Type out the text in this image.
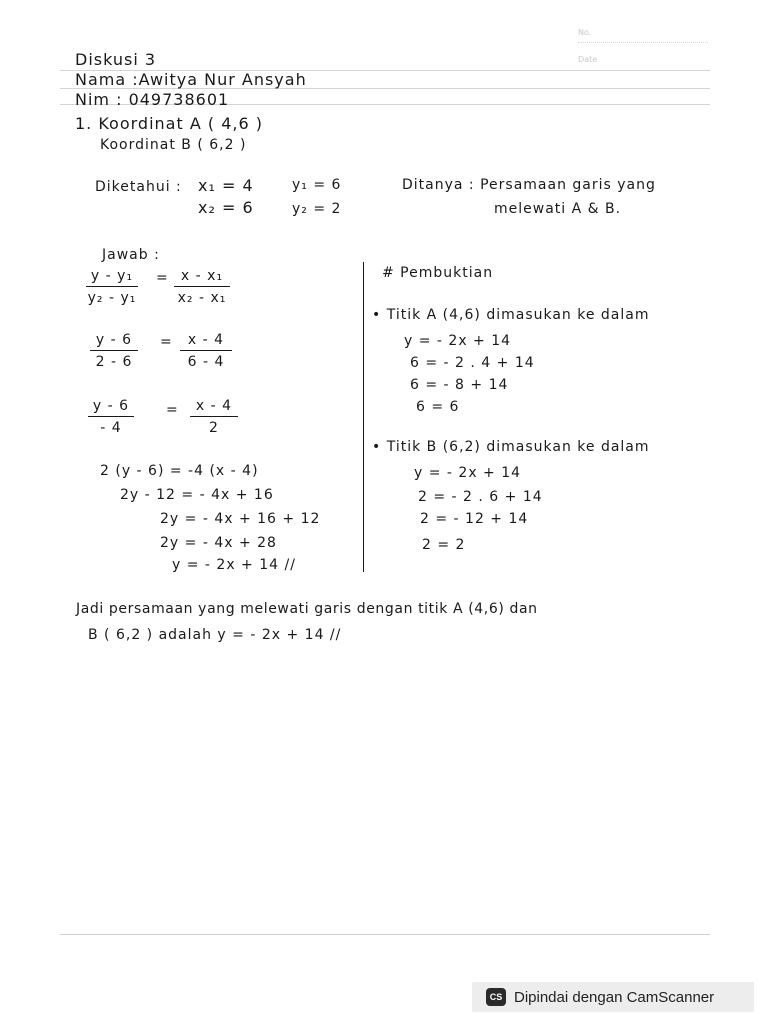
No.
Date
Diskusi 3
Nama :Awitya Nur Ansyah
Nim : 049738601
1. Koordinat A ( 4,6 )
Koordinat B ( 6,2 )
Diketahui : x₁ = 4	y₁ = 6
x₂ = 6	y₂ = 2
Ditanya : Persamaan garis yang
melewati A & B.
Jawab :
$\frac{\text{y - y₁}}{\text{y₂ - y₁}} = \frac{\text{x - x₁}}{\text{x₂ - x₁}}$
$\frac{y - 6}{2 - 6} = \frac{x - 4}{6 - 4}$
$\frac{y - 6}{- 4} = \frac{x - 4}{2}$
2 (y - 6) = -4 (x - 4)
2y - 12 = - 4x + 16
2y = - 4x + 16 + 12
2y = - 4x + 28
y = - 2x + 14 //
# Pembuktian
• Titik A (4,6) dimasukan ke dalam
y = - 2x + 14
6 = - 2 . 4 + 14
6 = - 8 + 14
6 = 6
• Titik B (6,2) dimasukan ke dalam
y = - 2x + 14
2 = - 2 . 6 + 14
2 = - 12 + 14
2 = 2
Jadi persamaan yang melewati garis dengan titik A (4,6) dan
B ( 6,2 ) adalah y = - 2x + 14 //
CS Dipindai dengan CamScanner
